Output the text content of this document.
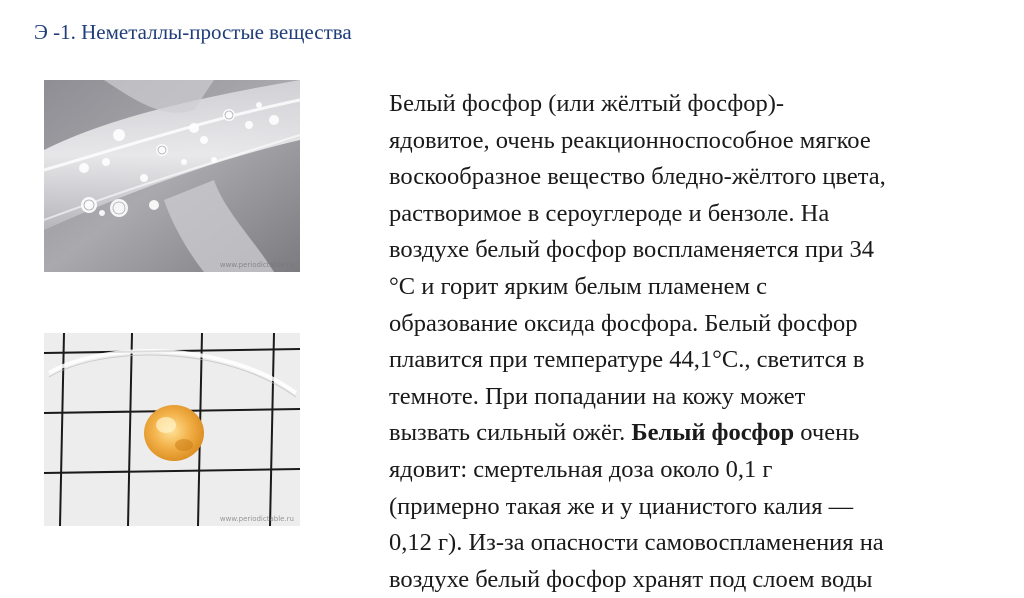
Э -1. Неметаллы-простые вещества
www.periodictable.ru
www.periodictable.ru
Белый фосфор (или жёлтый фосфор)-
ядовитое, очень реакционноспособное мягкое
воскообразное вещество бледно-жёлтого цвета,
растворимое в сероуглероде и бензоле. На
воздухе белый фосфор воспламеняется при 34
°С и горит ярким белым пламенем с
образование оксида фосфора. Белый фосфор
плавится при температуре 44,1°C., светится в
темноте. При попадании на кожу может
вызвать сильный ожёг. Белый фосфор очень
ядовит: смертельная доза около 0,1 г
(примерно такая же и у цианистого калия —
0,12 г). Из-за опасности самовоспламенения на
воздухе белый фосфор хранят под слоем воды
